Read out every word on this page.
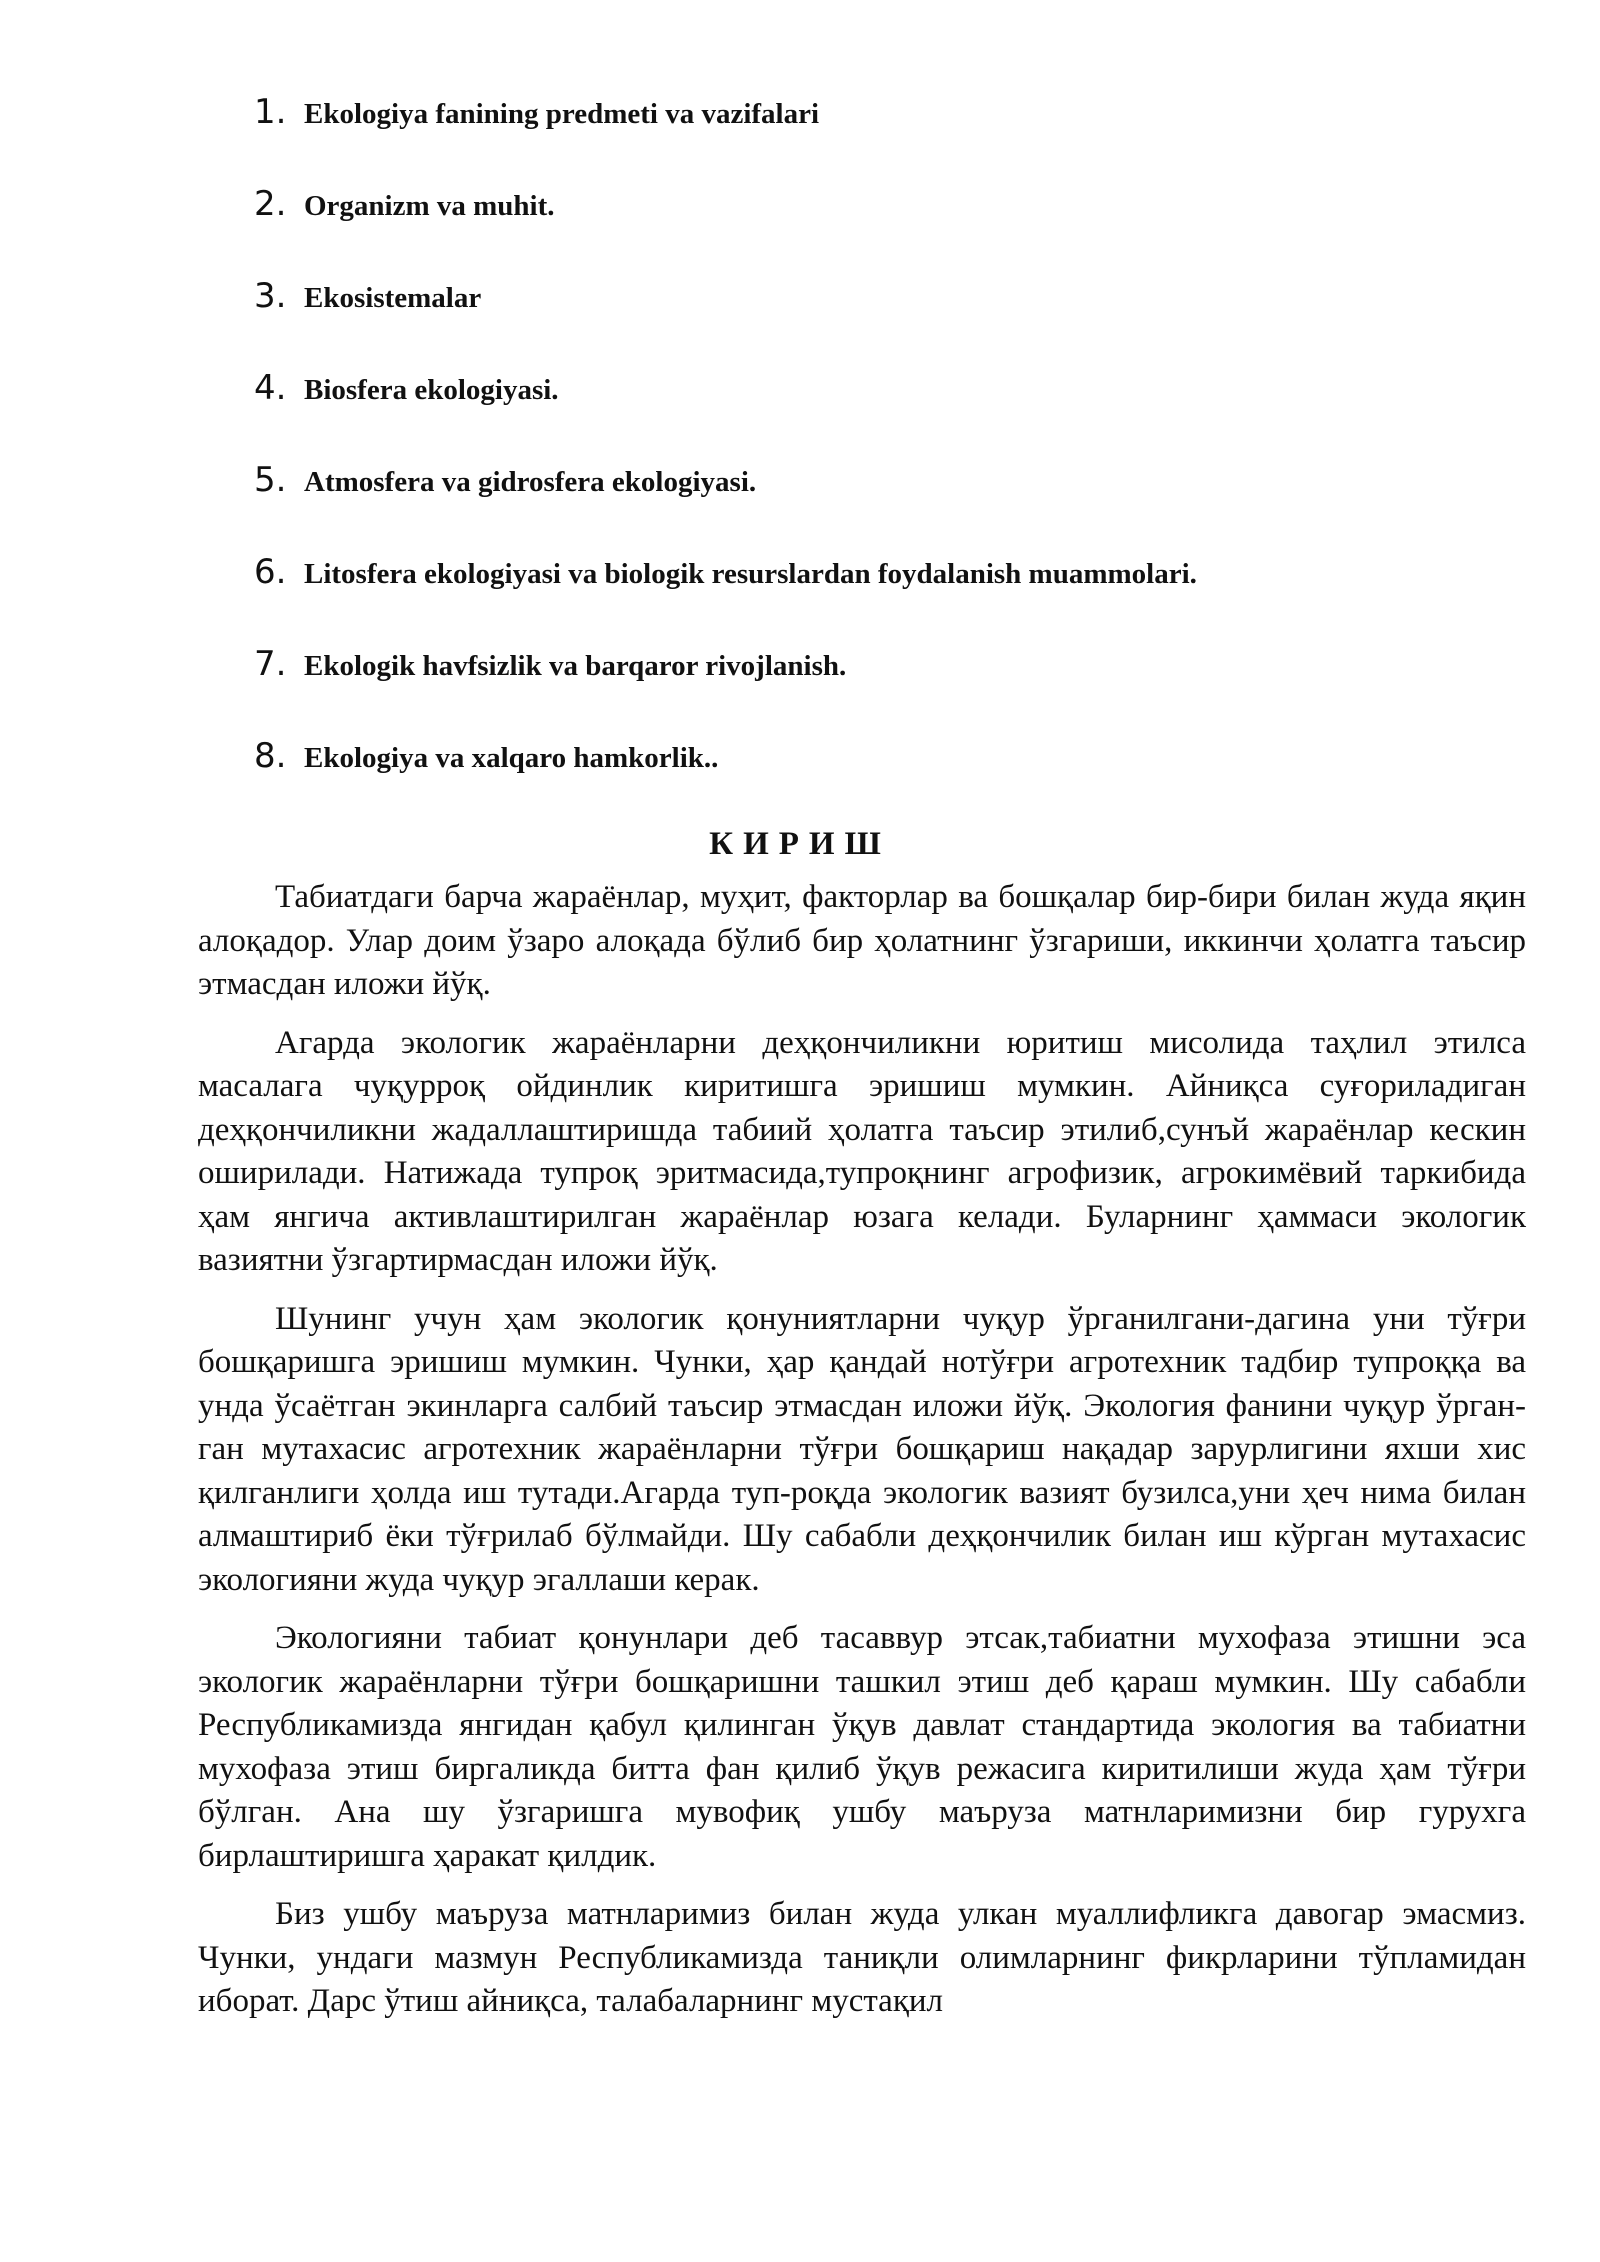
1. Ekologiya fanining predmeti va vazifalari
2. Organizm va muhit.
3. Ekosistemalar
4. Biosfera ekologiyasi.
5. Atmosfera va gidrosfera ekologiyasi.
6. Litosfera ekologiyasi va biologik resurslardan foydalanish muammolari.
7. Ekologik havfsizlik va barqaror rivojlanish.
8. Ekologiya va xalqaro hamkorlik..
КИРИШ

Табиатдаги барча жараёнлар, муҳит, факторлар ва бошқалар бир-бири билан жуда яқин алоқадор. Улар доим ўзаро алоқада бўлиб бир ҳолатнинг ўзгариши, иккинчи ҳолатга таъсир этмасдан иложи йўқ.

Агарда экологик жараёнларни деҳқончиликни юритиш мисолида таҳлил этилса масалага чуқурроқ ойдинлик киритишга эришиш мумкин. Айниқса суғориладиган деҳқончиликни жадаллаштиришда табиий ҳолатга таъсир этилиб,сунъй жараёнлар кескин оширилади. Натижада тупроқ эритмасида,тупроқнинг агрофизик, агрокимёвий таркибида ҳам янгича активлаштирилган жараёнлар юзага келади. Буларнинг ҳаммаси экологик вазиятни ўзгартирмасдан иложи йўқ.

Шунинг учун ҳам экологик қонуниятларни чуқур ўрганилгани-дагина уни тўғри бошқаришга эришиш мумкин. Чунки, ҳар қандай нотўғри агротехник тадбир тупроққа ва унда ўсаётган экинларга салбий таъсир этмасдан иложи йўқ. Экология фанини чуқур ўрган-ган мутахасис агротехник жараёнларни тўғри бошқариш нақадар зарурлигини яхши хис қилганлиги ҳолда иш тутади.Агарда туп-роқда экологик вазият бузилса,уни ҳеч нима билан алмаштириб ёки тўғрилаб бўлмайди. Шу сабабли деҳқончилик билан иш кўрган мутахасис экологияни жуда чуқур эгаллаши керак.

Экологияни табиат қонунлари деб тасаввур этсак,табиатни мухофаза этишни эса экологик жараёнларни тўғри бошқаришни ташкил этиш деб қараш мумкин. Шу сабабли Республикамизда янгидан қабул қилинган ўқув давлат стандартида экология ва табиатни мухофаза этиш биргаликда битта фан қилиб ўқув режасига киритилиши жуда ҳам тўғри бўлган. Ана шу ўзгаришга мувофиқ ушбу маъруза матнларимизни бир гурухга бирлаштиришга ҳаракат қилдик.

Биз ушбу маъруза матнларимиз билан жуда улкан муаллифликга давогар эмасмиз. Чунки, ундаги мазмун Республикамизда таниқли олимларнинг фикрларини тўпламидан иборат. Дарс ўтиш айниқса, талабаларнинг мустақил
